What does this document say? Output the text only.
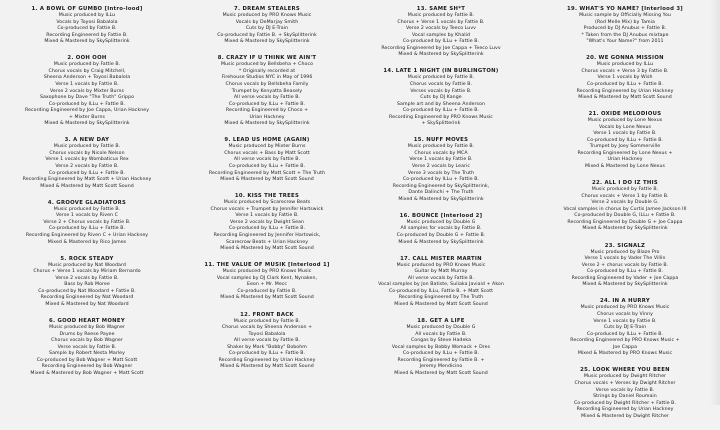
1. A BOWL OF GUMBO [Intro-lood]
Music produced by ILLu
Vocals by Toyosi Babalola
Co-produced by Fattie B.
Recording Engineered by Fattie B.
Mixed & Mastered by SkySplitterink
2. OOH OOH
Music produced by Fattie B.
Chorus vocals by Craig Mitchell,
Sheena Anderson + Toyosi Babalola
Verse 1 vocals by Fattie B.
Verse 2 vocals by Mixter Burns
Saxophone by Dave "The Truth" Grippo
Co-produced by ILLu + Fattie B.
Recording Engineered by Joe Cappa, Urian Hackney
+ Mixter Burns
Mixed & Mastered by SkySplitterink
3. A NEW DAY
Music produced by Fattie B.
Chorus vocals by Nicole Nelson
Verse 1 vocals by Wombaticus Rex
Verse 2 vocals by Fattie B.
Co-produced by ILLu + Fattie B.
Recording Engineered by Matt Scott + Urian Hackney
Mixed & Mastered by Matt Scott Sound
4. GROOVE GLADIATORS
Music produced by Fattie B.
Verse 1 vocals by Riven C
Verse 2 + Chorus vocals by Fattie B.
Co-produced by ILLu + Fattie B.
Recording Engineered by Riven C + Urian Hackney
Mixed & Mastered by Rico James
5. ROCK STEADY
Music produced by Nat Woodard
Chorus + Verse 1 vocals by Miriam Bernardo
Verse 2 vocals by Fattie B.
Bass by Rob Moree
Co-produced by Nat Woodard + Fattie B.
Recording Engineered by Nat Woodard
Mixed & Mastered by Nat Woodard
6. GOOD HEART MONEY
Music produced by Bob Wagner
Drums by Reese Payee
Chorus vocals by Bob Wagner
Verse vocals by Fattie B.
Sample by Robert Nesta Marley
Co-produced by Bob Wagner + Matt Scott
Recording Engineered by Bob Wagner
Mixed & Mastered by Bob Wagner + Matt Scott
7. DREAM STEALERS
Music produced by PRO Knows Music
Vocals by DeMarjay Smith
Cuts by DJ E-Train
Co-produced by Fattie B. + SkySplitterink
Mixed & Mastered by SkySplitterink
8. CRAZY IF U THINK WE AIN'T
Music produced by Bellsbeha + Choco
* Originally recorded at
Firehouse Studios NYC in May of 1996
Chorus vocals by Bellsbeha Family
Trumpet by Kenyatta Beasely
All verse vocals by Fattie B.
Co-produced by ILLu + Fattie B.
Recording Engineered by Choco +
Urian Hackney
Mixed & Mastered by SkySplitterink
9. LEAD US HOME (AGAIN)
Music produced by Mixter Burns
Chorus vocals + Bass by Matt Scott
All verse vocals by Fattie B.
Co-produced by ILLu + Fattie B.
Recording Engineered by Matt Scott + The Truth
Mixed & Mastered by Matt Scott Sound
10. KISS THE TREES
Music produced by Scarecrow Beats
Chorus vocals + Trumpet by Jennifer Hartswick
Verse 1 vocals by Fattie B.
Verse 2 vocals by Dwight Sean
Co-produced by ILLu + Fattie B.
Recording Engineered by Jennifer Hartswick,
Scarecrow Beats + Urian Hackney
Mixed & Mastered by Matt Scott Sound
11. THE VALUE OF MUSIK [Interlood 1]
Music produced by PRO Knows Music
Vocal samples by DJ Clark Kent, Nynaken,
Eeon + Mr. Mecc
Co-produced by Fattie B.
Mixed & Mastered by Matt Scott Sound
12. FRONT BACK
Music produced by Fattie B.
Chorus vocals by Sheena Anderson +
Toyosi Babalola
All verse vocals by Fattie B.
Shaker by Mark "Bobby" Bobohm
Co-produced by ILLu + Fattie B.
Recording Engineered by Urian Hackney
Mixed & Mastered by Matt Scott Sound
13. SAME SH*T
Music produced by Fattie B.
Chorus + Verse 1 vocals by Fattie B.
Verse 2 vocals by Teeco Luvv
Vocal samples by Khalid
Co-produced by ILLu + Fattie B.
Recording Engineered by Joe Cappa + Teeco Luvv
Mixed & Mastered by SkySplitterink
14. LATE 1 NIGHT (IN BURLINGTON)
Music produced by Fattie B.
Chorus vocals by Fattie B.
Verses vocals by Fattie B.
Cuts by DJ Kange
Sample art and by Sheena Anderson
Co-produced by ILLu + Fattie B.
Recording Engineered by PRO Knows Music
+ SkySplitterink
15. NUFF MOVES
Music produced by Fattie B.
Chorus vocals by MCA
Verse 1 vocals by Fattie B.
Verse 2 vocals by Learic
Verse 3 vocals by The Truth
Co-produced by ILLu + Fattie B.
Recording Engineered by SkySplitterink,
Dante Dalinchi + The Truth
Mixed & Mastered by SkySplitterink
16. BOUNCE [Interlood 2]
Music produced by Double G
All samples for vocals by Fattie B.
Co-produced by Double G + Fattie B.
Mixed & Mastered by SkySplitterink
17. CALL MISTER MARTIN
Music produced by PRO Knows Music
Guitar by Matt Murray
All verse vocals by Fattie B.
Vocal samples by Jon Batiste, Suliaka Javiaid + Akon
Co-produced by ILLu, Fattie B. + Matt Scott
Recording Engineered by The Truth
Mixed & Mastered by Matt Scott Sound
18. GET A LIFE
Music produced by Double G
All vocals by Fattie B.
Congas by Steve Hadeka
Vocal samples by Bobby Womack + Dres
Co-produced by ILLu + Fattie B.
Recording Engineered by Fattie B. +
Jeremy Mendicino
Mixed & Mastered by Matt Scott Sound
19. WHAT'S YO NAME? [Interlood 3]
Music sample by Officially Missing You
(Rod Melle Mix) by Tamia
Produced by DJ Anubus + Fattie B.
* Taken from the DJ Anubus mixtape
"What's Your Name?" from 2011
20. WE GONNA MISSION
Music produced by ILLu
Chorus vocals + Verse 3 by Fattie B.
Verse 1 vocals by Wish
Co-produced by ILLu + Fattie B.
Recording Engineered by Urian Hackney
Mixed & Mastered by Matt Scott Sound
21. OXIDE MELODIOUS
Music produced by Lone Nexus
Vocals by Lone Nexus
Verse 1 vocals by Fattie B.
Co-produced by ILLu + Fattie B.
Trumpet by Joey Sommerville
Recording Engineered by Lone Nexus +
Urian Hackney
Mixed & Mastered by Lone Nexus
22. ALL I DO IZ THIS
Music produced by Fattie B.
Chorus vocals + Verse 1 by Fattie B.
Verse 2 vocals by Double G.
Vocal samples in chorus by Curtis Jamee Jackson III
Co-produced by Double G, ILLu + Fattie B.
Recording Engineered by Double G + Joe Cappa
Mixed & Mastered by SkySplitterink
23. SIGNALZ
Music produced by Blaze Pro
Verse 1 vocals by Vader The Villin
Verse 2 + chorus vocals by Fattie B.
Co-produced by ILLu + Fattie B.
Recording Engineered by Vader + Joe Cappa
Mixed & Mastered by SkySplitterink
24. IN A HURRY
Music produced by PRO Knows Music
Chorus vocals by Vinny
Verse 1 vocals by Fattie B.
Cuts by DJ E-Train
Co-produced by ILLu + Fattie B.
Recording Engineered by PRO Knows Music +
Joe Cappa
Mixed & Mastered by PRO Knows Music
25. LOOK WHERE YOU BEEN
Music produced by Dwight Ritcher
Chorus vocals + Verses by Dwight Ritcher
Verse vocals by Fattie B.
Strings by Daniel Roumain
Co-produced by Dwight Ritcher + Fattie B.
Recording Engineered by Urian Hackney
Mixed & Mastered by Dwight Ritcher
